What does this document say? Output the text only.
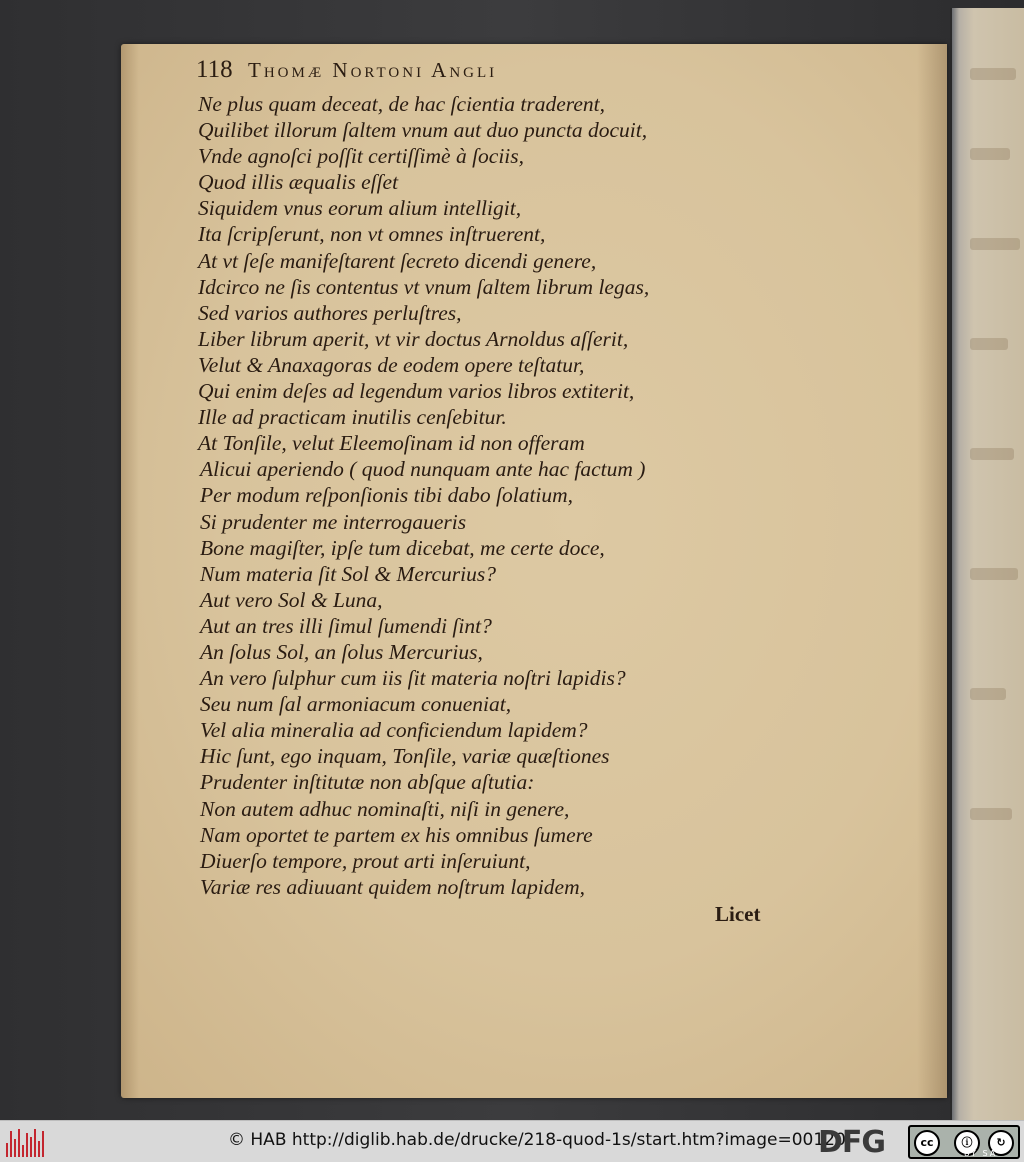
118 Thomæ Nortoni Angli
Ne plus quam deceat, de hac ſcientia traderent,
Quilibet illorum ſaltem vnum aut duo puncta docuit,
Vnde agnoſci poſſit certiſſimè à ſociis,
Quod illis æqualis eſſet
Siquidem vnus eorum alium intelligit,
Ita ſcripſerunt, non vt omnes inſtruerent,
At vt ſeſe manifeſtarent ſecreto dicendi genere,
Idcirco ne ſis contentus vt vnum ſaltem librum legas,
Sed varios authores perluſtres,
Liber librum aperit, vt vir doctus Arnoldus aſſerit,
Velut & Anaxagoras de eodem opere teſtatur,
Qui enim deſes ad legendum varios libros extiterit,
Ille ad practicam inutilis cenſebitur.
At Tonſile, velut Eleemoſinam id non offeram
Alicui aperiendo ( quod nunquam ante hac factum )
Per modum reſponſionis tibi dabo ſolatium,
Si prudenter me interrogaueris
Bone magiſter, ipſe tum dicebat, me certe doce,
Num materia ſit Sol & Mercurius?
Aut vero Sol & Luna,
Aut an tres illi ſimul ſumendi ſint?
An ſolus Sol, an ſolus Mercurius,
An vero ſulphur cum iis ſit materia noſtri lapidis?
Seu num ſal armoniacum conueniat,
Vel alia mineralia ad conficiendum lapidem?
Hic ſunt, ego inquam, Tonſile, variæ quæſtiones
Prudenter inſtitutæ non abſque aſtutia:
Non autem adhuc nominaſti, niſi in genere,
Nam oportet te partem ex his omnibus ſumere
Diuerſo tempore, prout arti inſeruiunt,
Variæ res adiuuant quidem noſtrum lapidem,
Licet
© HAB http://diglib.hab.de/drucke/218-quod-1s/start.htm?image=00120
DFG	cc	ⓘ	↻
BY SA
